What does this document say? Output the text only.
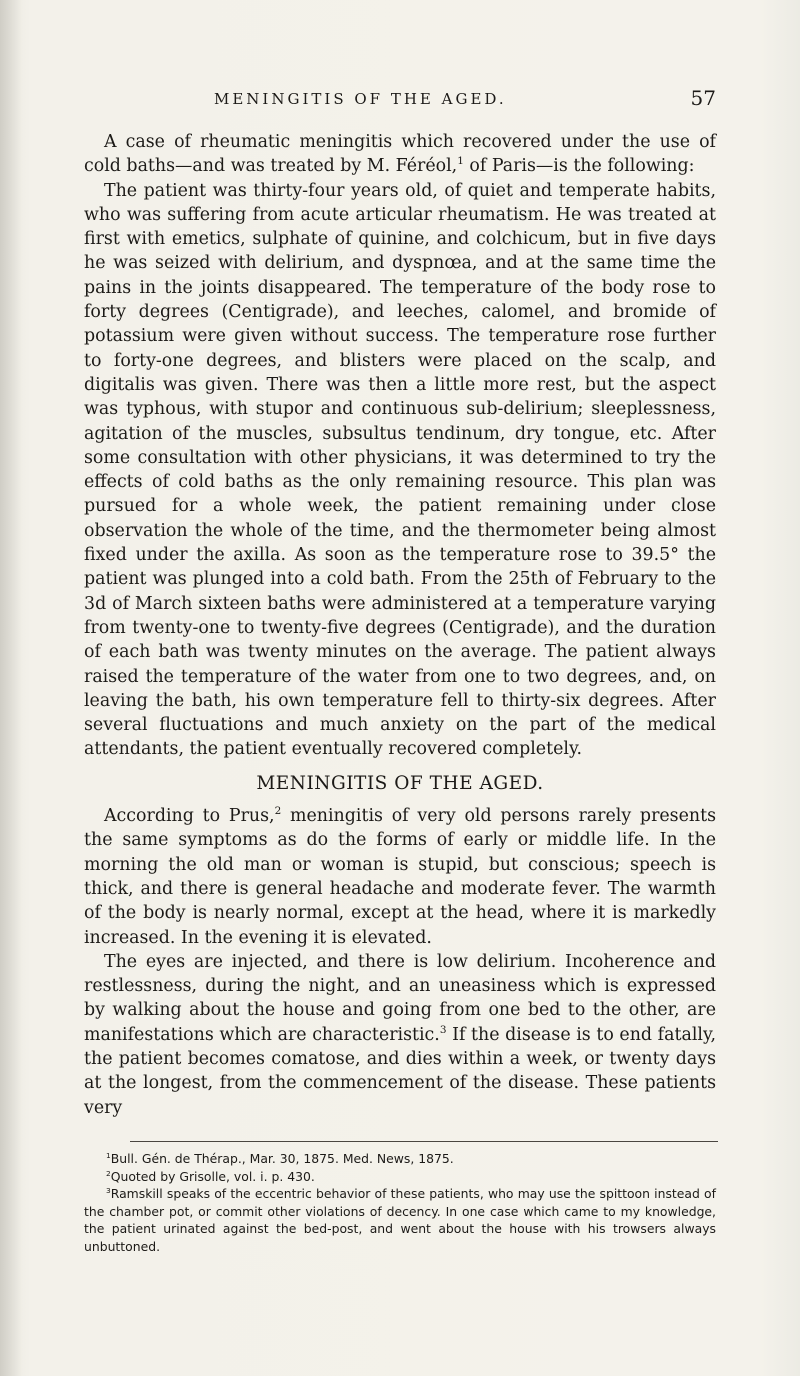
MENINGITIS OF THE AGED.	57

A case of rheumatic meningitis which recovered under the use of cold baths—and was treated by M. Féréol,$^1$ of Paris—is the following:

The patient was thirty-four years old, of quiet and temperate habits, who was suffering from acute articular rheumatism. He was treated at first with emetics, sulphate of quinine, and colchicum, but in five days he was seized with delirium, and dyspnœa, and at the same time the pains in the joints disappeared. The temperature of the body rose to forty degrees (Centigrade), and leeches, calomel, and bromide of potassium were given without success. The temperature rose further to forty-one degrees, and blisters were placed on the scalp, and digitalis was given. There was then a little more rest, but the aspect was typhous, with stupor and continuous sub-delirium; sleeplessness, agitation of the muscles, subsultus tendinum, dry tongue, etc. After some consultation with other physicians, it was determined to try the effects of cold baths as the only remaining resource. This plan was pursued for a whole week, the patient remaining under close observation the whole of the time, and the thermometer being almost fixed under the axilla. As soon as the temperature rose to 39.5° the patient was plunged into a cold bath. From the 25th of February to the 3d of March sixteen baths were administered at a temperature varying from twenty-one to twenty-five degrees (Centigrade), and the duration of each bath was twenty minutes on the average. The patient always raised the temperature of the water from one to two degrees, and, on leaving the bath, his own temperature fell to thirty-six degrees. After several fluctuations and much anxiety on the part of the medical attendants, the patient eventually recovered completely.

MENINGITIS OF THE AGED.

According to Prus,$^2$ meningitis of very old persons rarely presents the same symptoms as do the forms of early or middle life. In the morning the old man or woman is stupid, but conscious; speech is thick, and there is general headache and moderate fever. The warmth of the body is nearly normal, except at the head, where it is markedly increased. In the evening it is elevated.

The eyes are injected, and there is low delirium. Incoherence and restlessness, during the night, and an uneasiness which is expressed by walking about the house and going from one bed to the other, are manifestations which are characteristic.$^3$ If the disease is to end fatally, the patient becomes comatose, and dies within a week, or twenty days at the longest, from the commencement of the disease. These patients very

$^1$Bull. Gén. de Thérap., Mar. 30, 1875. Med. News, 1875.

$^2$Quoted by Grisolle, vol. i. p. 430.

$^3$Ramskill speaks of the eccentric behavior of these patients, who may use the spittoon instead of the chamber pot, or commit other violations of decency. In one case which came to my knowledge, the patient urinated against the bed-post, and went about the house with his trowsers always unbuttoned.
